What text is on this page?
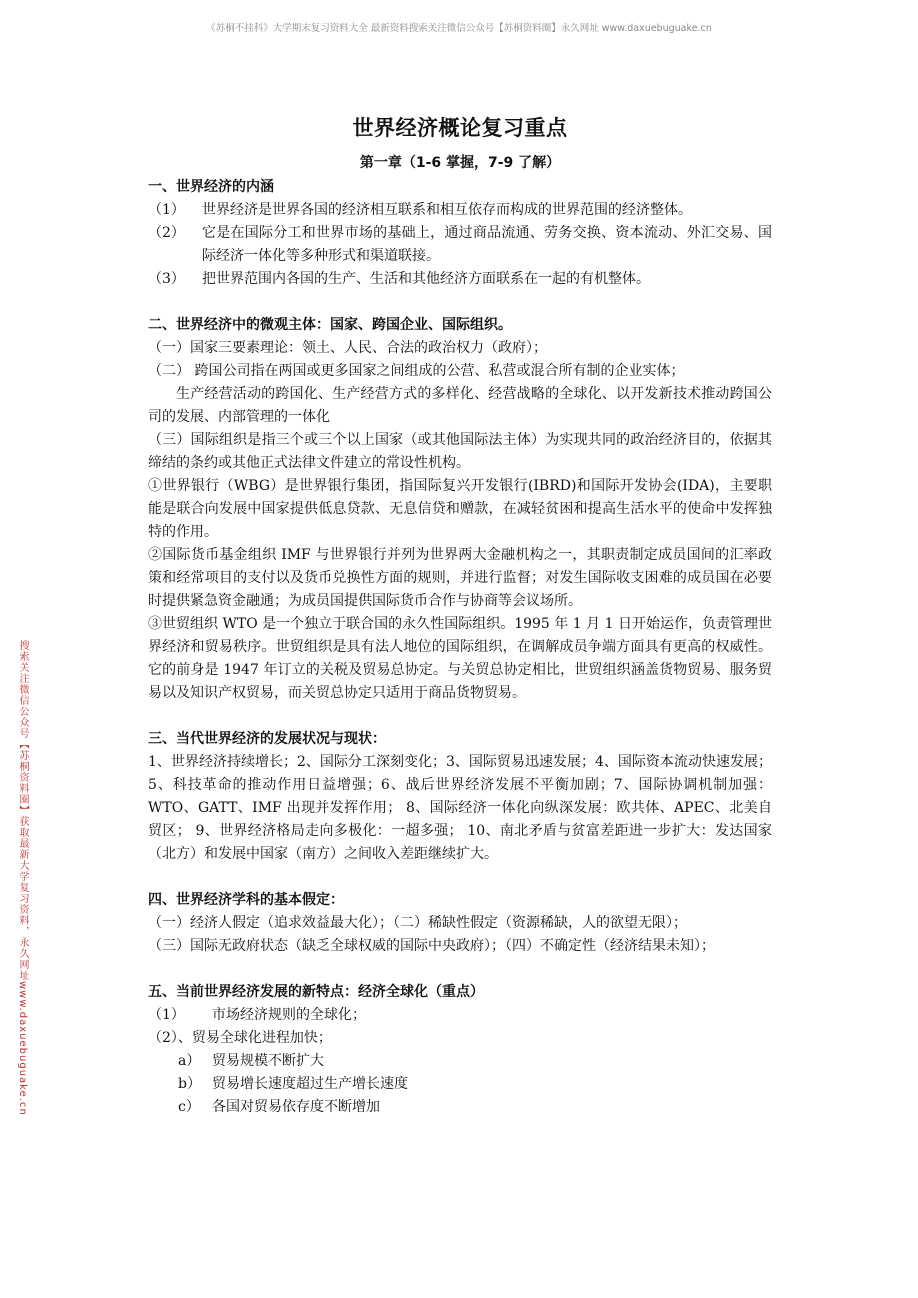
《苏桐不挂科》大学期末复习资料大全 最新资料搜索关注微信公众号【苏桐资料圈】永久网址 www.daxuebuguake.cn
搜索关注微信公众号【苏桐资料圈】获取最新大学复习资料，永久网址www.daxuebuguake.cn
世界经济概论复习重点
第一章（1-6 掌握，7-9 了解）
一、世界经济的内涵
（1）	世界经济是世界各国的经济相互联系和相互依存而构成的世界范围的经济整体。
（2）	它是在国际分工和世界市场的基础上，通过商品流通、劳务交换、资本流动、外汇交易、国际经济一体化等多种形式和渠道联接。
（3）	把世界范围内各国的生产、生活和其他经济方面联系在一起的有机整体。
二、世界经济中的微观主体：国家、跨国企业、国际组织。

（一）国家三要素理论：领土、人民、合法的政治权力（政府）；

（二） 跨国公司指在两国或更多国家之间组成的公营、私营或混合所有制的企业实体；

生产经营活动的跨国化、生产经营方式的多样化、经营战略的全球化、以开发新技术推动跨国公司的发展、内部管理的一体化

（三）国际组织是指三个或三个以上国家（或其他国际法主体）为实现共同的政治经济目的，依据其缔结的条约或其他正式法律文件建立的常设性机构。

①世界银行（WBG）是世界银行集团，指国际复兴开发银行(IBRD)和国际开发协会(IDA)，主要职能是联合向发展中国家提供低息贷款、无息信贷和赠款，在减轻贫困和提高生活水平的使命中发挥独特的作用。

②国际货币基金组织 IMF 与世界银行并列为世界两大金融机构之一，其职责制定成员国间的汇率政策和经常项目的支付以及货币兑换性方面的规则，并进行监督；对发生国际收支困难的成员国在必要时提供紧急资金融通；为成员国提供国际货币合作与协商等会议场所。

③世贸组织 WTO 是一个独立于联合国的永久性国际组织。1995 年 1 月 1 日开始运作，负责管理世界经济和贸易秩序。世贸组织是具有法人地位的国际组织，在调解成员争端方面具有更高的权威性。它的前身是 1947 年订立的关税及贸易总协定。与关贸总协定相比，世贸组织涵盖货物贸易、服务贸易以及知识产权贸易，而关贸总协定只适用于商品货物贸易。

三、当代世界经济的发展状况与现状：

1、世界经济持续增长；2、国际分工深刻变化；3、国际贸易迅速发展；4、国际资本流动快速发展；5、科技革命的推动作用日益增强；6、战后世界经济发展不平衡加剧；7、国际协调机制加强：WTO、GATT、IMF 出现并发挥作用； 8、国际经济一体化向纵深发展：欧共体、APEC、北美自贸区； 9、世界经济格局走向多极化：一超多强； 10、南北矛盾与贫富差距进一步扩大：发达国家（北方）和发展中国家（南方）之间收入差距继续扩大。

四、世界经济学科的基本假定：

（一）经济人假定（追求效益最大化）；（二）稀缺性假定（资源稀缺，人的欲望无限）；

（三）国际无政府状态（缺乏全球权威的国际中央政府）；（四）不确定性（经济结果未知）；

五、当前世界经济发展的新特点：经济全球化（重点）
（1）	市场经济规则的全球化；

（2）、贸易全球化进程加快；

a） 贸易规模不断扩大
b） 贸易增长速度超过生产增长速度
c） 各国对贸易依存度不断增加
